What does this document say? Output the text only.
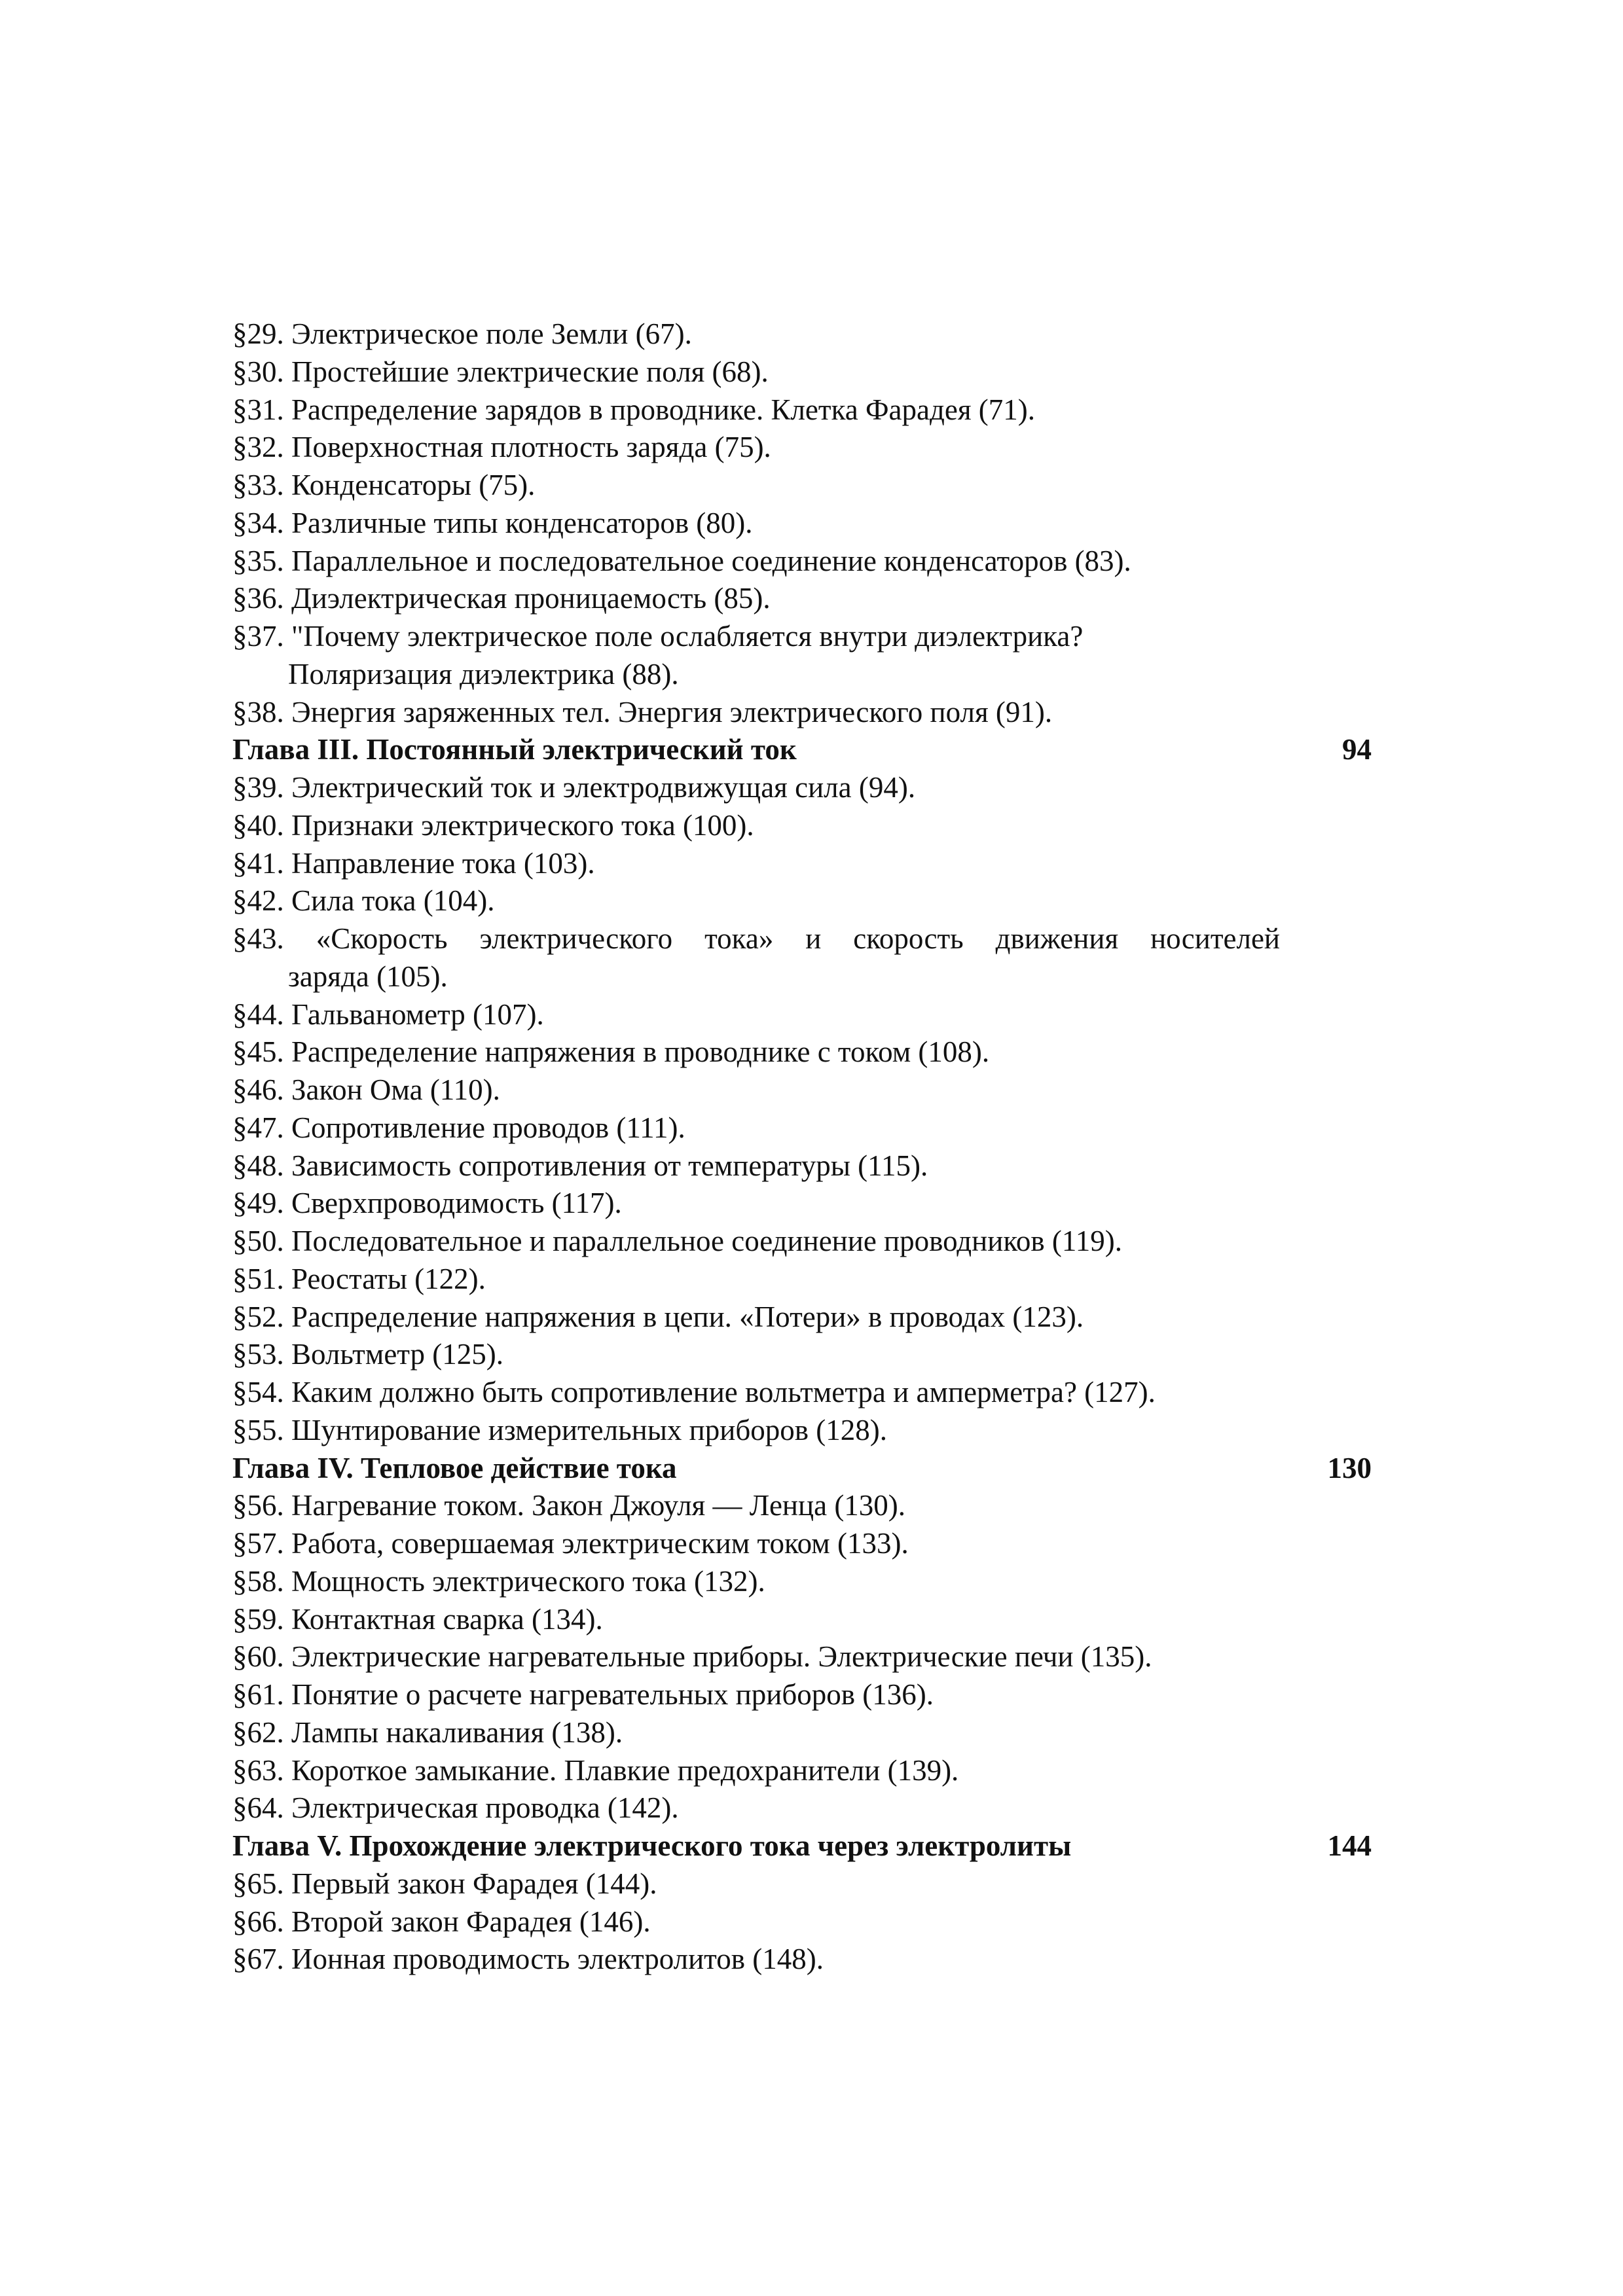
§29. Электрическое поле Земли (67).
§30. Простейшие электрические поля (68).
§31. Распределение зарядов в проводнике. Клетка Фарадея (71).
§32. Поверхностная плотность заряда (75).
§33. Конденсаторы (75).
§34. Различные типы конденсаторов (80).
§35. Параллельное и последовательное соединение конденсаторов (83).
§36. Диэлектрическая проницаемость (85).
§37. "Почему электрическое поле ослабляется внутри диэлектрика?
Поляризация диэлектрика (88).
§38. Энергия заряженных тел. Энергия электрического поля (91).
Глава III. Постоянный электрический ток	94
§39. Электрический ток и электродвижущая сила (94).
§40. Признаки электрического тока (100).
§41. Направление тока (103).
§42. Сила тока (104).
§43. «Скорость электрического тока» и скорость движения носителей
заряда (105).
§44. Гальванометр (107).
§45. Распределение напряжения в проводнике с током (108).
§46. Закон Ома (110).
§47. Сопротивление проводов (111).
§48. Зависимость сопротивления от температуры (115).
§49. Сверхпроводимость (117).
§50. Последовательное и параллельное соединение проводников (119).
§51. Реостаты (122).
§52. Распределение напряжения в цепи. «Потери» в проводах (123).
§53. Вольтметр (125).
§54. Каким должно быть сопротивление вольтметра и амперметра? (127).
§55. Шунтирование измерительных приборов (128).
Глава IV. Тепловое действие тока	130
§56. Нагревание током. Закон Джоуля — Ленца (130).
§57. Работа, совершаемая электрическим током (133).
§58. Мощность электрического тока (132).
§59. Контактная сварка (134).
§60. Электрические нагревательные приборы. Электрические печи (135).
§61. Понятие о расчете нагревательных приборов (136).
§62. Лампы накаливания (138).
§63. Короткое замыкание. Плавкие предохранители (139).
§64. Электрическая проводка (142).
Глава V. Прохождение электрического тока через электролиты	144
§65. Первый закон Фарадея (144).
§66. Второй закон Фарадея (146).
§67. Ионная проводимость электролитов (148).
